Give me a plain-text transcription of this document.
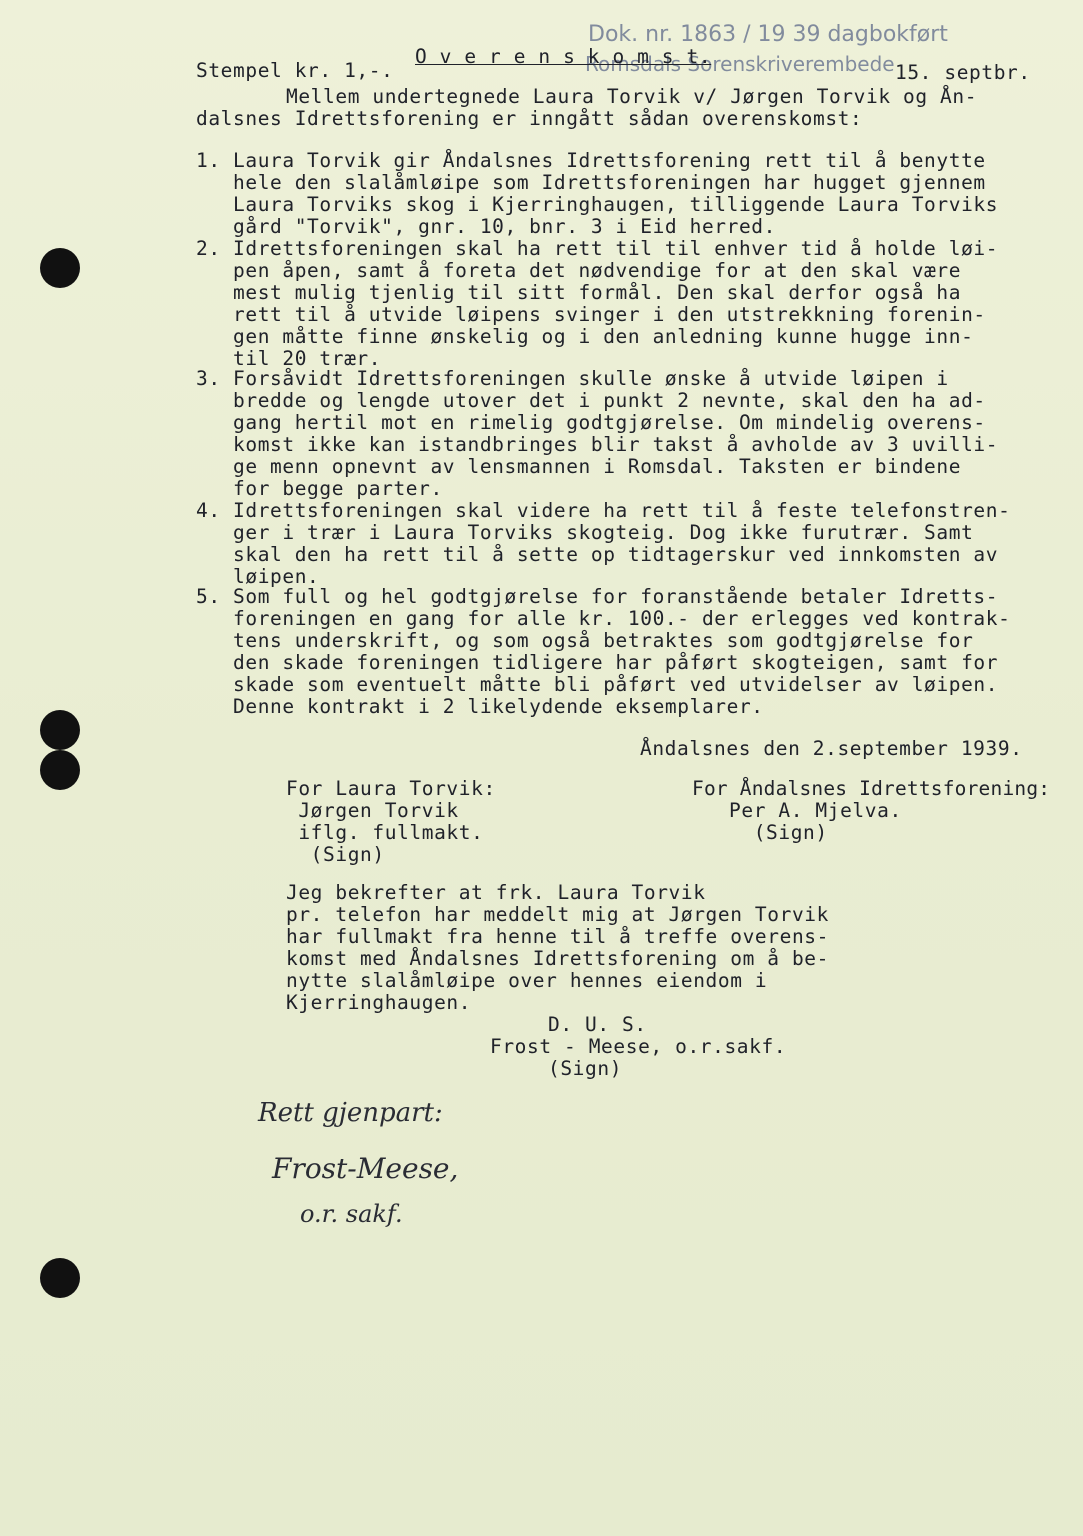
Dok. nr. 1863 / 19 39 dagbokført
Romsdals Sorenskriverembede
Stempel kr. 1,-.
O v e r e n s k o m s t.
15. septbr.
Mellem undertegnede Laura Torvik v/ Jørgen Torvik og Ån-
dalsnes Idrettsforening er inngått sådan overenskomst:
1. Laura Torvik gir Åndalsnes Idrettsforening rett til å benytte
hele den slalåmløipe som Idrettsforeningen har hugget gjennem
Laura Torviks skog i Kjerringhaugen, tilliggende Laura Torviks
gård "Torvik", gnr. 10, bnr. 3 i Eid herred.
2. Idrettsforeningen skal ha rett til til enhver tid å holde løi-
pen åpen, samt å foreta det nødvendige for at den skal være
mest mulig tjenlig til sitt formål. Den skal derfor også ha
rett til å utvide løipens svinger i den utstrekkning forenin-
gen måtte finne ønskelig og i den anledning kunne hugge inn-
til 20 trær.
3. Forsåvidt Idrettsforeningen skulle ønske å utvide løipen i
bredde og lengde utover det i punkt 2 nevnte, skal den ha ad-
gang hertil mot en rimelig godtgjørelse. Om mindelig overens-
komst ikke kan istandbringes blir takst å avholde av 3 uvilli-
ge menn opnevnt av lensmannen i Romsdal. Taksten er bindene
for begge parter.
4. Idrettsforeningen skal videre ha rett til å feste telefonstren-
ger i trær i Laura Torviks skogteig. Dog ikke furutrær. Samt
skal den ha rett til å sette op tidtagerskur ved innkomsten av
løipen.
5. Som full og hel godtgjørelse for foranstående betaler Idretts-
foreningen en gang for alle kr. 100.- der erlegges ved kontrak-
tens underskrift, og som også betraktes som godtgjørelse for
den skade foreningen tidligere har påført skogteigen, samt for
skade som eventuelt måtte bli påført ved utvidelser av løipen.
Denne kontrakt i 2 likelydende eksemplarer.
Åndalsnes den 2.september 1939.
For Laura Torvik:
Jørgen Torvik
iflg. fullmakt.
(Sign)
For Åndalsnes Idrettsforening:
Per A. Mjelva.
(Sign)
Jeg bekrefter at frk. Laura Torvik
pr. telefon har meddelt mig at Jørgen Torvik
har fullmakt fra henne til å treffe overens-
komst med Åndalsnes Idrettsforening om å be-
nytte slalåmløipe over hennes eiendom i
Kjerringhaugen.
D. U. S.
Frost - Meese, o.r.sakf.
(Sign)
Rett gjenpart:
Frost-Meese,
o.r. sakf.
